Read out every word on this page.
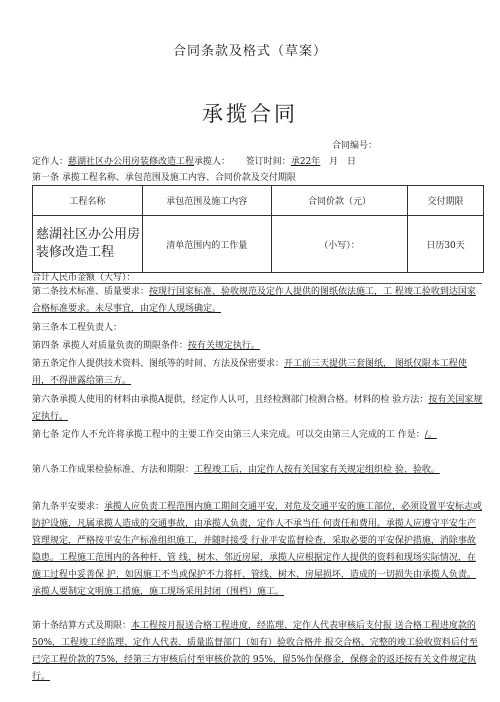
合同条款及格式（草案）
承揽合同
合同编号：
定作人：慈湖社区办公用房装修改造工程承揽人： 签订时间：承22年 月 日
第一条 承揽工程名称、承包范围及施工内容、合同价款及交付期限
工程名称	承包范围及施工内容	合同价款（元）	交付期限
慈湖社区办公用房装修改造工程	清单范围内的工作量	（小写）：	日历30天
合计人民币金额（大写）：
第二条技术标准、质量要求：按现行国家标准、验收规范及定作人提供的图纸依法施工，工 程竣工验收到达国家合格标准要求。未尽事宜，由定作人现场确定。
第三条本工程负责人：
第四条 承揽人对质量负责的期限条件：按有关规定执行。
第五条定作人提供技术资料、图纸等的时间、方法及保密要求：开工前三天提供三套图纸， 图纸仅限本工程使用，不得泄露给第三方。
第六条承揽人使用的材料由承揽A提供，经定作人认可，且经检测部门检测合格。材料的检 验方法：按有关国家规定执行。
第七条 定作人不允许将承揽工程中的主要工作交由第三人来完成。可以交由第三人完成的工 作是：/。
第八条工作成果检验标准、方法和期限：工程竣工后，由定作人按有关国家有关规定组织检 验、验收。
第九条平安要求：承揽人应负责工程范围内施工期间交通平安，对危及交通平安的施工部位，必须设置平安标志或防护设施，凡属承揽人造成的交通事故，由承揽人负责，定作人不承当任 何责任和费用。承揽人应遵守平安生产管理规定，严格按平安生产标准组织施工，并随时接受 行业平安监督检查，采取必要的平安保护措施，消除事故隐患。工程施工范围内的各种杆、管 线、树木、邻近房屋，承揽人应根据定作人提供的资料和现场实际情况，在施工过程中妥善保 护，如因施工不当或保护不力将杆、管线、树木、房屋损坏，造成的一切损失由承揽人负责。 承揽人要制定文明施工措施，施工现场采用封闭（围档）施工。
第十条结算方式及期限：本工程按月报送合格工程进度，经监理、定作人代表审核后支付报 送合格工程进度款的50%，工程竣工经监理、定作人代表、质量监督部门（如有）验收合格并 报交合格、完整的竣工验收资料后付至已完工程价款的75%，经第三方审核后付至审核价款的 95%，留5%作保修金，保修金的返还按有关文件规定执行。
